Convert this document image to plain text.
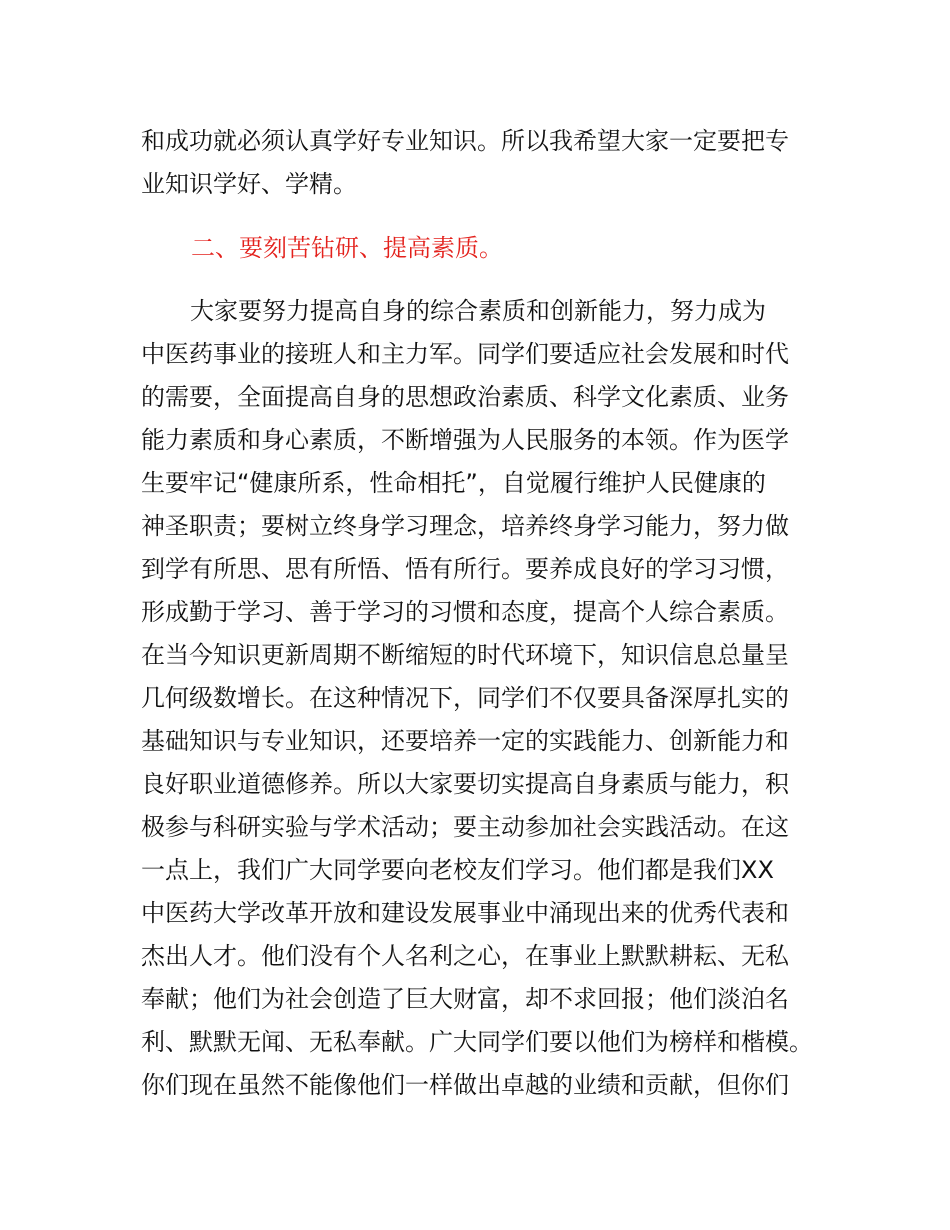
和成功就必须认真学好专业知识。所以我希望大家一定要把专
业知识学好、学精。
二、要刻苦钻研、提高素质。
大家要努力提高自身的综合素质和创新能力，努力成为
中医药事业的接班人和主力军。同学们要适应社会发展和时代
的需要，全面提高自身的思想政治素质、科学文化素质、业务
能力素质和身心素质，不断增强为人民服务的本领。作为医学
生要牢记“健康所系，性命相托”，自觉履行维护人民健康的
神圣职责；要树立终身学习理念，培养终身学习能力，努力做
到学有所思、思有所悟、悟有所行。要养成良好的学习习惯，
形成勤于学习、善于学习的习惯和态度，提高个人综合素质。
在当今知识更新周期不断缩短的时代环境下，知识信息总量呈
几何级数增长。在这种情况下，同学们不仅要具备深厚扎实的
基础知识与专业知识，还要培养一定的实践能力、创新能力和
良好职业道德修养。所以大家要切实提高自身素质与能力，积
极参与科研实验与学术活动；要主动参加社会实践活动。在这
一点上，我们广大同学要向老校友们学习。他们都是我们XX
中医药大学改革开放和建设发展事业中涌现出来的优秀代表和
杰出人才。他们没有个人名利之心，在事业上默默耕耘、无私
奉献；他们为社会创造了巨大财富，却不求回报；他们淡泊名
利、默默无闻、无私奉献。广大同学们要以他们为榜样和楷模。
你们现在虽然不能像他们一样做出卓越的业绩和贡献，但你们
